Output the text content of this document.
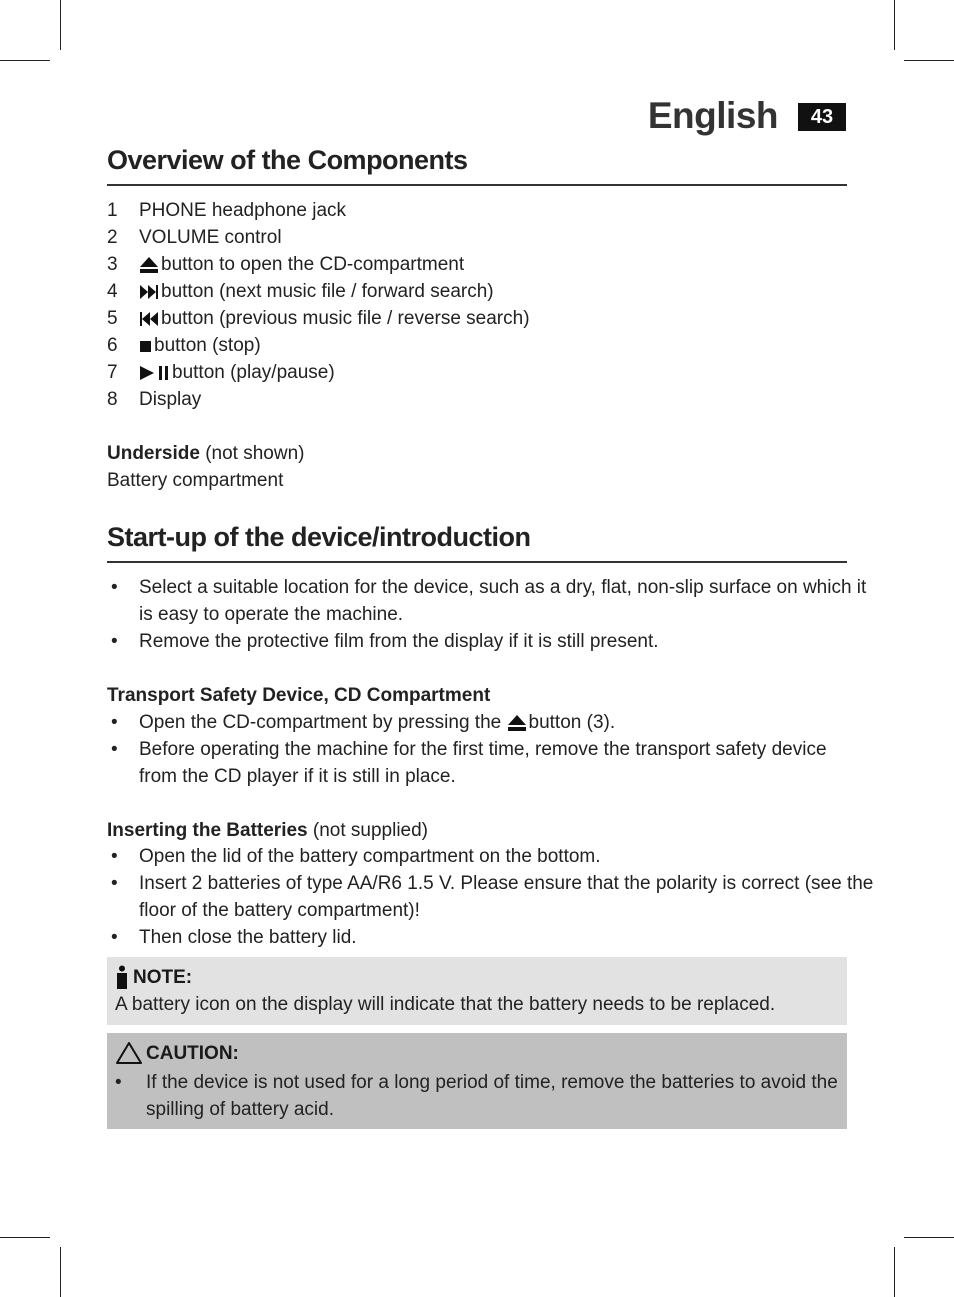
English	43
Overview of the Components
1	PHONE headphone jack
2	VOLUME control
3	button to open the CD-compartment
4	button (next music file / forward search)
5	button (previous music file / reverse search)
6	button (stop)
7	button (play/pause)
8	Display
Underside (not shown)
Battery compartment
Start-up of the device/introduction
• Select a suitable location for the device, such as a dry, flat, non-slip surface on which it
is easy to operate the machine.
• Remove the protective film from the display if it is still present.
Transport Safety Device, CD Compartment
• Open the CD-compartment by pressing the button (3).
• Before operating the machine for the first time, remove the transport safety device
from the CD player if it is still in place.
Inserting the Batteries (not supplied)
• Open the lid of the battery compartment on the bottom.
• Insert 2 batteries of type AA/R6 1.5 V. Please ensure that the polarity is correct (see the
floor of the battery compartment)!
• Then close the battery lid.
NOTE:
A battery icon on the display will indicate that the battery needs to be replaced.
CAUTION:
• If the device is not used for a long period of time, remove the batteries to avoid the
spilling of battery acid.
